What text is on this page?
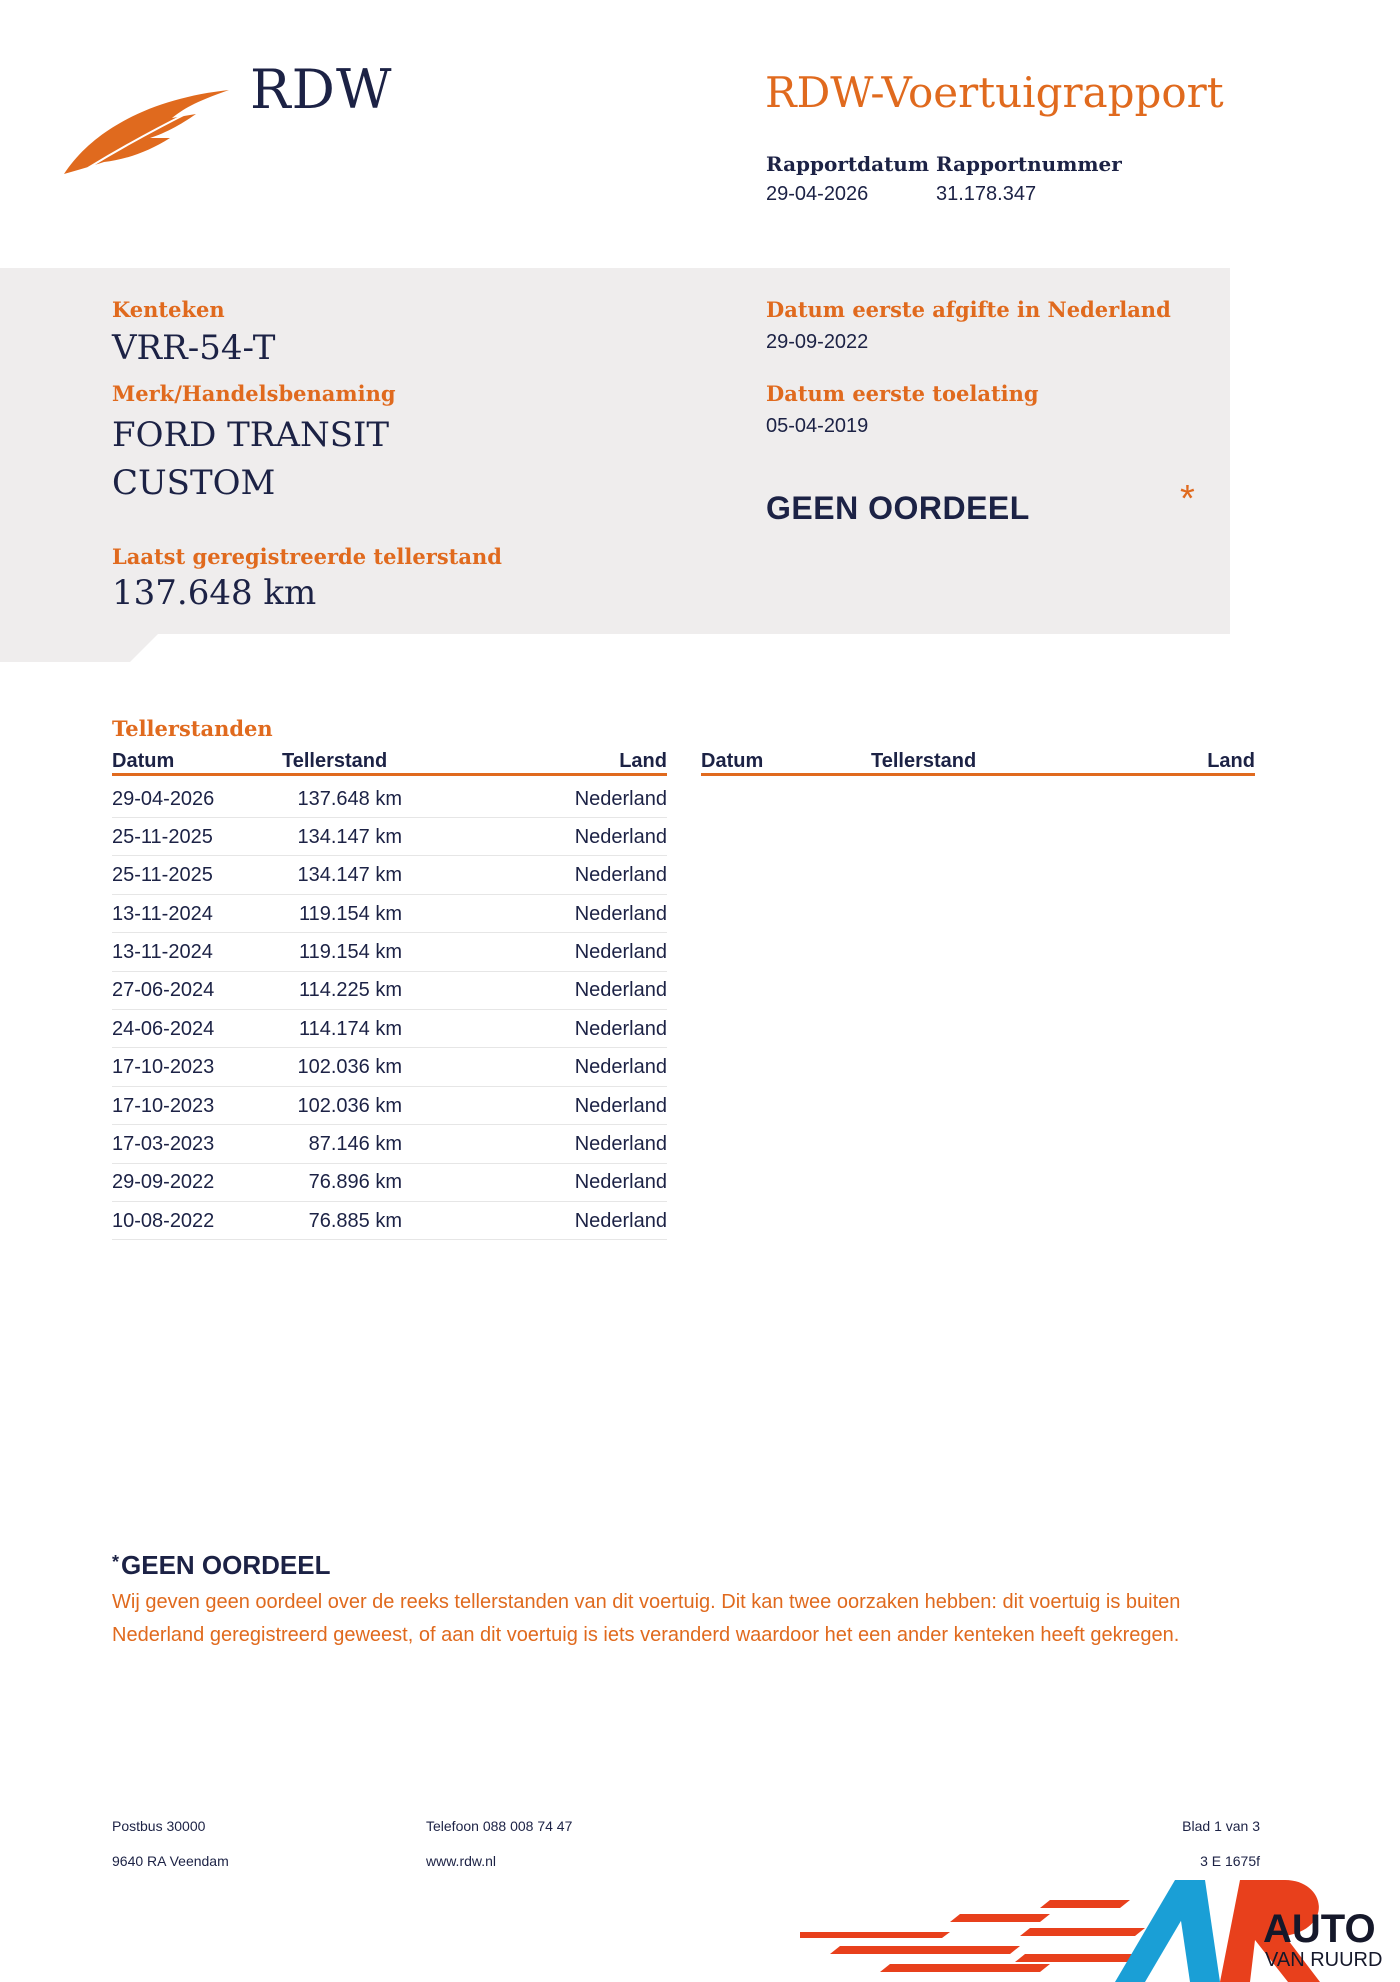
RDW	RDW-Voertuigrapport
Rapportdatum
29-04-2026
Rapportnummer
31.178.347
Kenteken
VRR-54-T
Merk/Handelsbenaming
FORD TRANSIT
CUSTOM
Laatst geregistreerde tellerstand
137.648 km
Datum eerste afgifte in Nederland
29-09-2022
Datum eerste toelating
05-04-2019
GEEN OORDEEL	*
Tellerstanden
Datum	Tellerstand	Land Datum	Tellerstand	Land
29-04-2026	137.648 km	Nederland
25-11-2025	134.147 km	Nederland
25-11-2025	134.147 km	Nederland
13-11-2024	119.154 km	Nederland
13-11-2024	119.154 km	Nederland
27-06-2024	114.225 km	Nederland
24-06-2024	114.174 km	Nederland
17-10-2023	102.036 km	Nederland
17-10-2023	102.036 km	Nederland
17-03-2023	87.146 km	Nederland
29-09-2022	76.896 km	Nederland
10-08-2022	76.885 km	Nederland
*GEEN OORDEEL
Wij geven geen oordeel over de reeks tellerstanden van dit voertuig. Dit kan twee oorzaken hebben: dit voertuig is buiten Nederland geregistreerd geweest, of aan dit voertuig is iets veranderd waardoor het een ander kenteken heeft gekregen.
Postbus 30000
9640 RA Veendam
Telefoon 088 008 74 47
www.rdw.nl
Blad 1 van 3
3 E 1675f
AUTO
VAN RUURD
